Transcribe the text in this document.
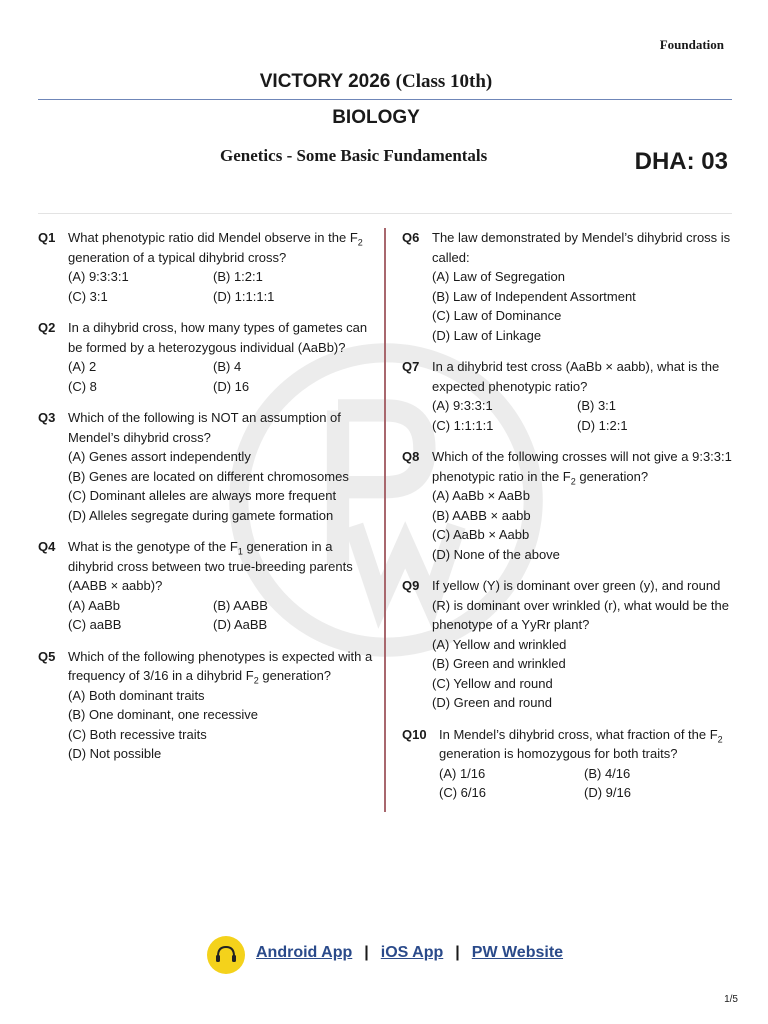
Foundation
VICTORY 2026 (Class 10th)
BIOLOGY
Genetics - Some Basic Fundamentals	DHA: 03
Q1 What phenotypic ratio did Mendel observe in the $F_2$ generation of a typical dihybrid cross?
(A) 9:3:3:1	(B) 1:2:1
(C) 3:1	(D) 1:1:1:1
Q2 In a dihybrid cross, how many types of gametes can be formed by a heterozygous individual (AaBb)?
(A) 2	(B) 4
(C) 8	(D) 16
Q3 Which of the following is NOT an assumption of Mendel’s dihybrid cross?
(A) Genes assort independently
(B) Genes are located on different chromosomes
(C) Dominant alleles are always more frequent
(D) Alleles segregate during gamete formation
Q4 What is the genotype of the $F_1$ generation in a dihybrid cross between two true-breeding parents (AABB × aabb)?
(A) AaBb	(B) AABB
(C) aaBB	(D) AaBB
Q5 Which of the following phenotypes is expected with a frequency of 3/16 in a dihybrid $F_2$ generation?
(A) Both dominant traits
(B) One dominant, one recessive
(C) Both recessive traits
(D) Not possible
Q6 The law demonstrated by Mendel’s dihybrid cross is called:
(A) Law of Segregation
(B) Law of Independent Assortment
(C) Law of Dominance
(D) Law of Linkage
Q7 In a dihybrid test cross (AaBb × aabb), what is the expected phenotypic ratio?
(A) 9:3:3:1	(B) 3:1
(C) 1:1:1:1	(D) 1:2:1
Q8 Which of the following crosses will not give a 9:3:3:1 phenotypic ratio in the $F_2$ generation?
(A) AaBb × AaBb
(B) AABB × aabb
(C) AaBb × Aabb
(D) None of the above
Q9 If yellow (Y) is dominant over green (y), and round (R) is dominant over wrinkled (r), what would be the phenotype of a YyRr plant?
(A) Yellow and wrinkled
(B) Green and wrinkled
(C) Yellow and round
(D) Green and round
Q10 In Mendel’s dihybrid cross, what fraction of the $F_2$ generation is homozygous for both traits?
(A) 1/16	(B) 4/16
(C) 6/16	(D) 9/16
Android App | iOS App | PW Website
1/5
